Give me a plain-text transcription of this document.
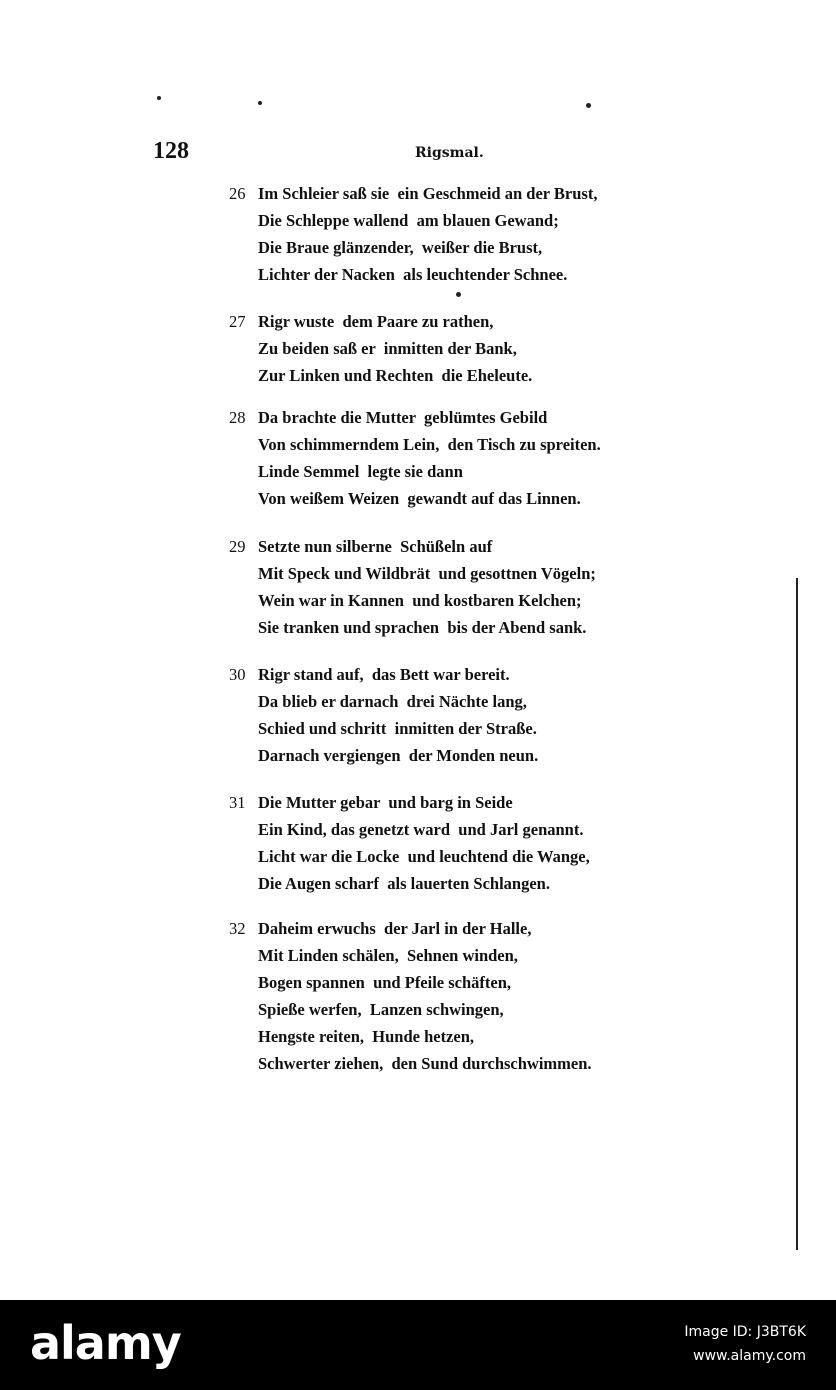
128	Rigsmal.
26 Im Schleier saß sie  ein Geschmeid an der Brust,
Die Schleppe wallend  am blauen Gewand;
Die Braue glänzender,  weißer die Brust,
Lichter der Nacken  als leuchtender Schnee.
27 Rigr wuste  dem Paare zu rathen,
Zu beiden saß er  inmitten der Bank,
Zur Linken und Rechten  die Eheleute.
28 Da brachte die Mutter  geblümtes Gebild
Von schimmerndem Lein,  den Tisch zu spreiten.
Linde Semmel  legte sie dann
Von weißem Weizen  gewandt auf das Linnen.
29 Setzte nun silberne  Schüßeln auf
Mit Speck und Wildbrät  und gesottnen Vögeln;
Wein war in Kannen  und kostbaren Kelchen;
Sie tranken und sprachen  bis der Abend sank.
30 Rigr stand auf,  das Bett war bereit.
Da blieb er darnach  drei Nächte lang,
Schied und schritt  inmitten der Straße.
Darnach vergiengen  der Monden neun.
31 Die Mutter gebar  und barg in Seide
Ein Kind, das genetzt ward  und Jarl genannt.
Licht war die Locke  und leuchtend die Wange,
Die Augen scharf  als lauerten Schlangen.
32 Daheim erwuchs  der Jarl in der Halle,
Mit Linden schälen,  Sehnen winden,
Bogen spannen  und Pfeile schäften,
Spieße werfen,  Lanzen schwingen,
Hengste reiten,  Hunde hetzen,
Schwerter ziehen,  den Sund durchschwimmen.
alamy	Image ID: J3BT6K
www.alamy.com
